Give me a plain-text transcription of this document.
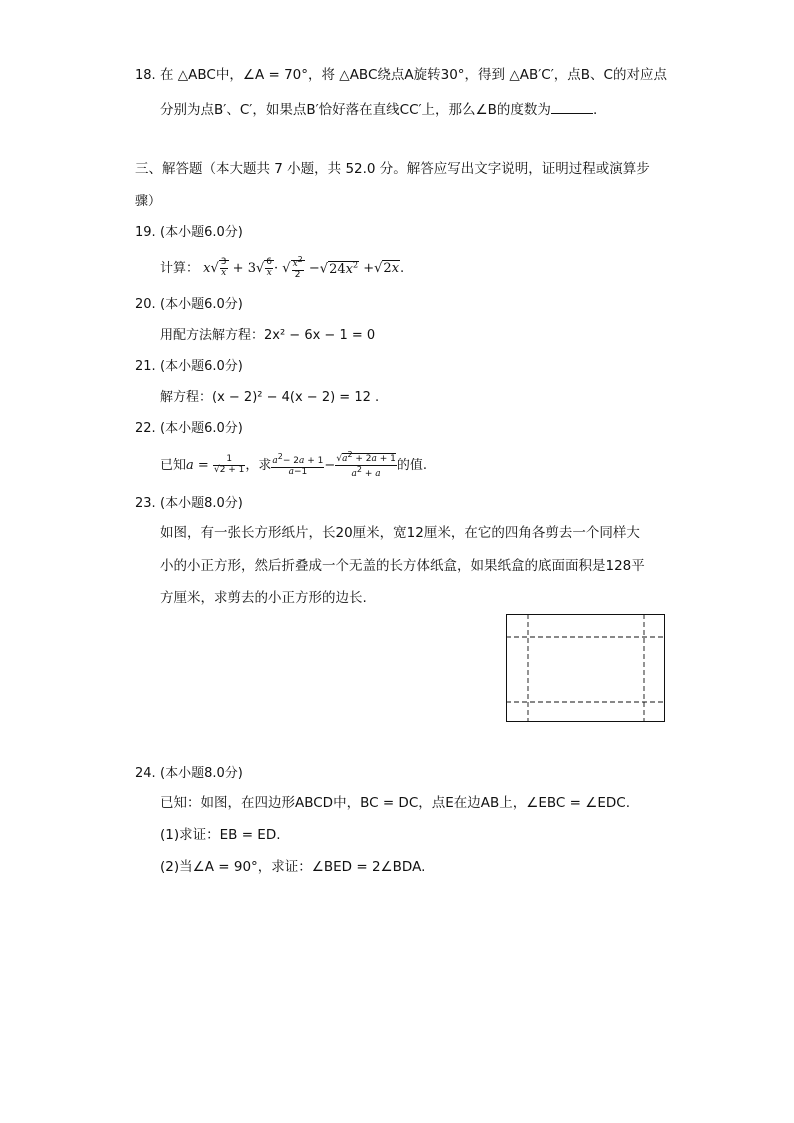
18. 在 △ABC中，∠A = 70°，将 △ABC绕点A旋转30°，得到 △AB′C′，点B、C的对应点
分别为点B′、C′，如果点B′恰好落在直线CC′上，那么∠B的度数为	.
三、解答题（本大题共 7 小题，共 52.0 分。解答应写出文字说明，证明过程或演算步
骤）
19. (本小题6.0分)
计算： $x√ \frac{3}{x} + 3√ \frac{6}{x}$ · √ $\frac{x^2}{2} -√24x^2 +√2x$.
20. (本小题6.0分)
用配方法解方程：2x² − 6x − 1 = 0
21. (本小题6.0分)
解方程：(x − 2)² − 4(x − 2) = 12 .
22. (本小题6.0分)
已知$a = \frac{1}{√2 + 1}$ ，求 $\frac{a^2- 2a + 1}{a-1} - \frac{√a^2 + 2a + 1}{a^2 + a}$ 的值.
23. (本小题8.0分)
如图，有一张长方形纸片，长20厘米，宽12厘米，在它的四角各剪去一个同样大
小的小正方形，然后折叠成一个无盖的长方体纸盒，如果纸盒的底面面积是128平
方厘米，求剪去的小正方形的边长.
24. (本小题8.0分)
已知：如图，在四边形ABCD中，BC = DC，点E在边AB上，∠EBC = ∠EDC.
(1)求证：EB = ED.
(2)当∠A = 90°，求证：∠BED = 2∠BDA.
